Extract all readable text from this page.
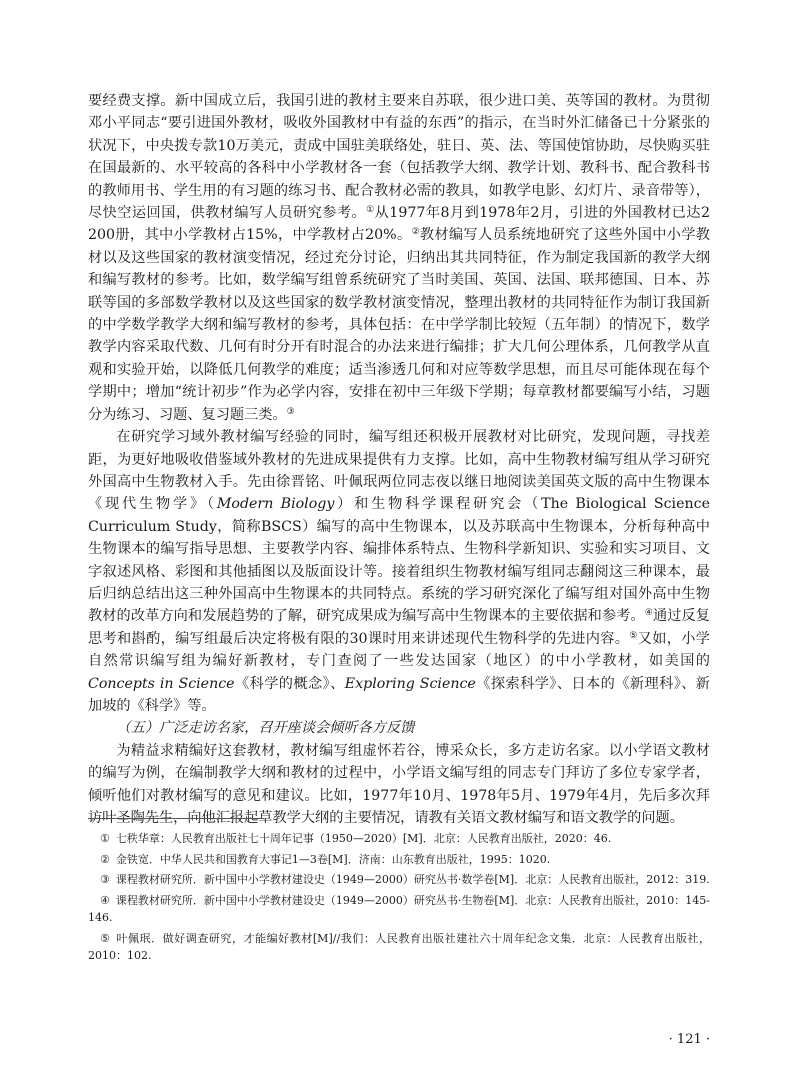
要经费支撑。新中国成立后，我国引进的教材主要来自苏联，很少进口美、英等国的教材。为贯彻邓小平同志“要引进国外教材，吸收外国教材中有益的东西”的指示，在当时外汇储备已十分紧张的状况下，中央拨专款10万美元，责成中国驻美联络处，驻日、英、法、等国使馆协助，尽快购买驻在国最新的、水平较高的各科中小学教材各一套（包括教学大纲、教学计划、教科书、配合教科书的教师用书、学生用的有习题的练习书、配合教材必需的教具，如教学电影、幻灯片、录音带等），尽快空运回国，供教材编写人员研究参考。①从1977年8月到1978年2月，引进的外国教材已达2 200册，其中小学教材占15%，中学教材占20%。②教材编写人员系统地研究了这些外国中小学教材以及这些国家的教材演变情况，经过充分讨论，归纳出其共同特征，作为制定我国新的教学大纲和编写教材的参考。比如，数学编写组曾系统研究了当时美国、英国、法国、联邦德国、日本、苏联等国的多部数学教材以及这些国家的数学教材演变情况，整理出教材的共同特征作为制订我国新的中学数学教学大纲和编写教材的参考，具体包括：在中学学制比较短（五年制）的情况下，数学教学内容采取代数、几何有时分开有时混合的办法来进行编排；扩大几何公理体系，几何教学从直观和实验开始，以降低几何教学的难度；适当渗透几何和对应等数学思想，而且尽可能体现在每个学期中；增加“统计初步”作为必学内容，安排在初中三年级下学期；每章教材都要编写小结，习题分为练习、习题、复习题三类。③

在研究学习域外教材编写经验的同时，编写组还积极开展教材对比研究，发现问题，寻找差距，为更好地吸收借鉴域外教材的先进成果提供有力支撑。比如，高中生物教材编写组从学习研究外国高中生物教材入手。先由徐晋铭、叶佩珉两位同志夜以继日地阅读美国英文版的高中生物课本《现代生物学》（Modern Biology）和生物科学课程研究会（The Biological Science Curriculum Study，简称BSCS）编写的高中生物课本，以及苏联高中生物课本，分析每种高中生物课本的编写指导思想、主要教学内容、编排体系特点、生物科学新知识、实验和实习项目、文字叙述风格、彩图和其他插图以及版面设计等。接着组织生物教材编写组同志翻阅这三种课本，最后归纳总结出这三种外国高中生物课本的共同特点。系统的学习研究深化了编写组对国外高中生物教材的改革方向和发展趋势的了解，研究成果成为编写高中生物课本的主要依据和参考。④通过反复思考和斟酌，编写组最后决定将极有限的30课时用来讲述现代生物科学的先进内容。⑤又如，小学自然常识编写组为编好新教材，专门查阅了一些发达国家（地区）的中小学教材，如美国的Concepts in Science《科学的概念》、Exploring Science《探索科学》、日本的《新理科》、新加坡的《科学》等。

（五）广泛走访名家，召开座谈会倾听各方反馈

为精益求精编好这套教材，教材编写组虚怀若谷，博采众长，多方走访名家。以小学语文教材的编写为例，在编制教学大纲和教材的过程中，小学语文编写组的同志专门拜访了多位专家学者，倾听他们对教材编写的意见和建议。比如，1977年10月、1978年5月、1979年4月，先后多次拜访叶圣陶先生，向他汇报起草教学大纲的主要情况，请教有关语文教材编写和语文教学的问题。

① 七秩华章：人民教育出版社七十周年记事（1950—2020）[M]．北京：人民教育出版社，2020：46.
② 金铁宽．中华人民共和国教育大事记1—3卷[M]．济南：山东教育出版社，1995：1020.
③ 课程教材研究所．新中国中小学教材建设史（1949—2000）研究丛书·数学卷[M]．北京：人民教育出版社，2012：319.
④ 课程教材研究所．新中国中小学教材建设史（1949—2000）研究丛书·生物卷[M]．北京：人民教育出版社，2010：145-146.
⑤ 叶佩珉．做好调查研究，才能编好教材[M]//我们：人民教育出版社建社六十周年纪念文集．北京：人民教育出版社，2010：102.
· 121 ·
